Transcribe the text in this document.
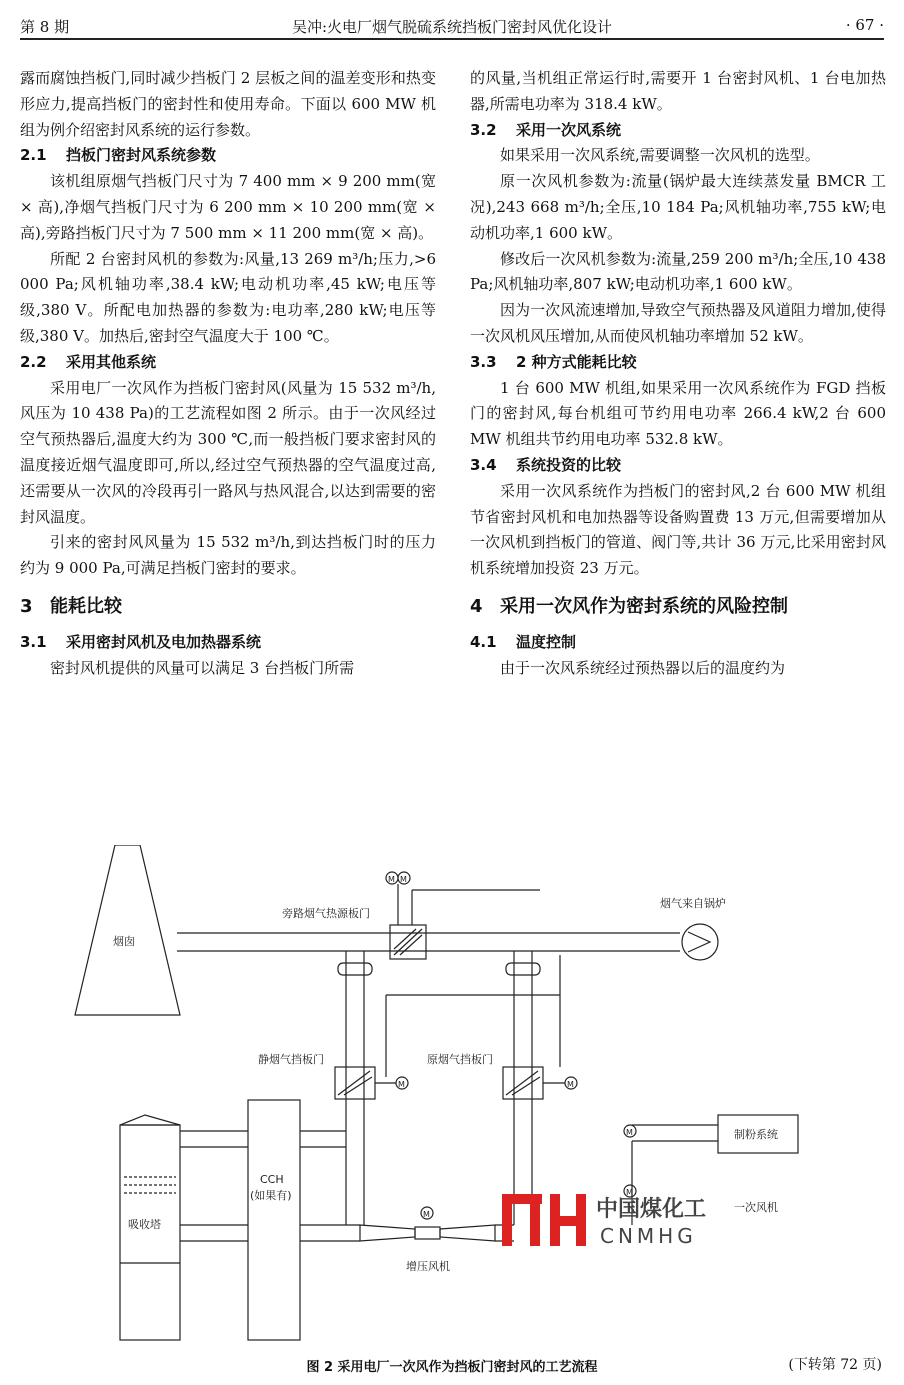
第 8 期	吴冲:火电厂烟气脱硫系统挡板门密封风优化设计	· 67 ·

露而腐蚀挡板门,同时减少挡板门 2 层板之间的温差变形和热变形应力,提高挡板门的密封性和使用寿命。下面以 600 MW 机组为例介绍密封风系统的运行参数。

2.1 挡板门密封风系统参数

该机组原烟气挡板门尺寸为 7 400 mm × 9 200 mm(宽 × 高),净烟气挡板门尺寸为 6 200 mm × 10 200 mm(宽 × 高),旁路挡板门尺寸为 7 500 mm × 11 200 mm(宽 × 高)。

所配 2 台密封风机的参数为:风量,13 269 m³/h;压力,>6 000 Pa;风机轴功率,38.4 kW;电动机功率,45 kW;电压等级,380 V。所配电加热器的参数为:电功率,280 kW;电压等级,380 V。加热后,密封空气温度大于 100 ℃。

2.2 采用其他系统

采用电厂一次风作为挡板门密封风(风量为 15 532 m³/h,风压为 10 438 Pa)的工艺流程如图 2 所示。由于一次风经过空气预热器后,温度大约为 300 ℃,而一般挡板门要求密封风的温度接近烟气温度即可,所以,经过空气预热器的空气温度过高,还需要从一次风的冷段再引一路风与热风混合,以达到需要的密封风温度。

引来的密封风风量为 15 532 m³/h,到达挡板门时的压力约为 9 000 Pa,可满足挡板门密封的要求。

3 能耗比较
3.1 采用密封风机及电加热器系统

密封风机提供的风量可以满足 3 台挡板门所需

的风量,当机组正常运行时,需要开 1 台密封风机、1 台电加热器,所需电功率为 318.4 kW。

3.2 采用一次风系统

如果采用一次风系统,需要调整一次风机的选型。

原一次风机参数为:流量(锅炉最大连续蒸发量 BMCR 工况),243 668 m³/h;全压,10 184 Pa;风机轴功率,755 kW;电动机功率,1 600 kW。

修改后一次风机参数为:流量,259 200 m³/h;全压,10 438 Pa;风机轴功率,807 kW;电动机功率,1 600 kW。

因为一次风流速增加,导致空气预热器及风道阻力增加,使得一次风机风压增加,从而使风机轴功率增加 52 kW。

3.3 2 种方式能耗比较

1 台 600 MW 机组,如果采用一次风系统作为 FGD 挡板门的密封风,每台机组可节约用电功率 266.4 kW,2 台 600 MW 机组共节约用电功率 532.8 kW。

3.4 系统投资的比较

采用一次风系统作为挡板门的密封风,2 台 600 MW 机组节省密封风机和电加热器等设备购置费 13 万元,但需要增加从一次风机到挡板门的管道、阀门等,共计 36 万元,比采用密封风机系统增加投资 23 万元。

4 采用一次风作为密封系统的风险控制
4.1 温度控制

由于一次风系统经过预热器以后的温度约为

烟囱
旁路烟气热源板门
M M
烟气来自锅炉
静烟气挡板门
M
原烟气挡板门
M
制粉系统
M
M
CCH
(如果有)
吸收塔
M
增压风机
一次风机
中国煤化工
CNMHG
图 2 采用电厂一次风作为挡板门密封风的工艺流程	(下转第 72 页)
